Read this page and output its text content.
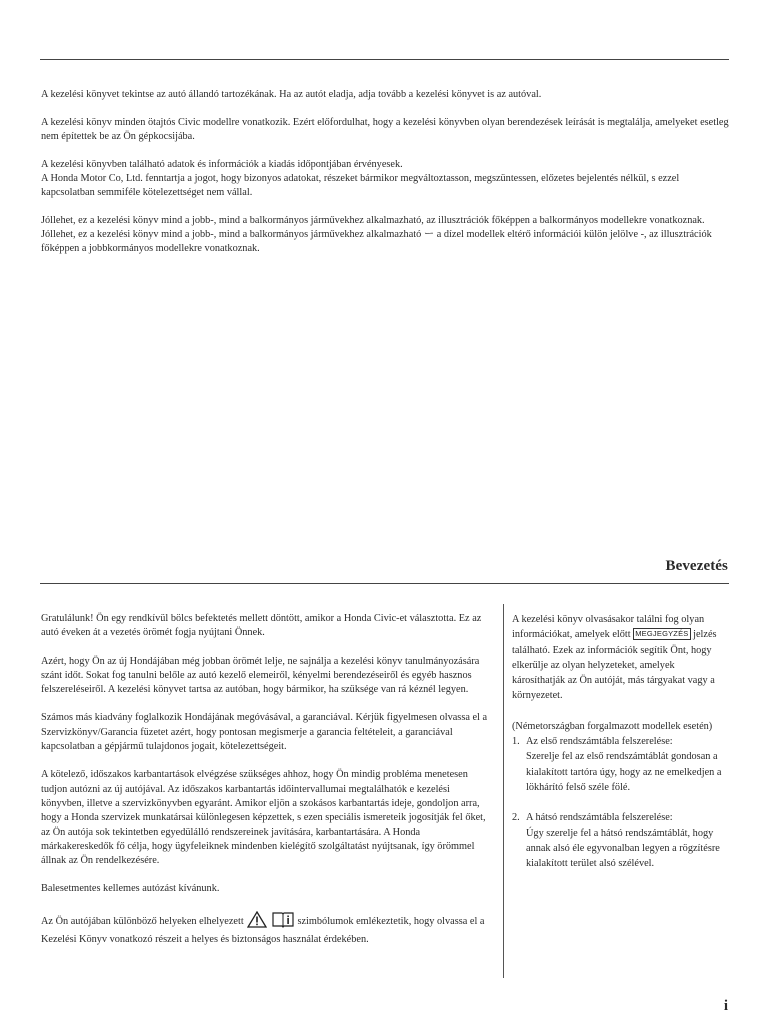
A kezelési könyvet tekintse az autó állandó tartozékának. Ha az autót eladja, adja tovább a kezelési könyvet is az autóval.

A kezelési könyv minden ötajtós Civic modellre vonatkozik. Ezért előfordulhat, hogy a kezelési könyvben olyan berendezések leírását is megtalálja, amelyeket esetleg nem építettek be az Ön gépkocsijába.

A kezelési könyvben található adatok és információk a kiadás időpontjában érvényesek.

A Honda Motor Co, Ltd. fenntartja a jogot, hogy bizonyos adatokat, részeket bármikor megváltoztasson, megszüntessen, előzetes bejelentés nélkül, s ezzel kapcsolatban semmiféle kötelezettséget nem vállal.

Jóllehet, ez a kezelési könyv mind a jobb-, mind a balkormányos járművekhez alkalmazható, az illusztrációk főképpen a balkormányos modellekre vonatkoznak.

Jóllehet, ez a kezelési könyv mind a jobb-, mind a balkormányos járművekhez alkalmazható ー a dízel modellek eltérő információi külön jelölve -, az illusztrációk főképpen a jobbkormányos modellekre vonatkoznak.

Bevezetés

Gratulálunk! Ön egy rendkívül bölcs befektetés mellett döntött, amikor a Honda Civic-et választotta. Ez az autó éveken át a vezetés örömét fogja nyújtani Önnek.

Azért, hogy Ön az új Hondájában még jobban örömét lelje, ne sajnálja a kezelési könyv tanulmányozására szánt időt. Sokat fog tanulni belőle az autó kezelő elemeiről, kényelmi berendezéseiről és egyéb hasznos felszereléseiről. A kezelési könyvet tartsa az autóban, hogy bármikor, ha szüksége van rá kéznél legyen.

Számos más kiadvány foglalkozik Hondájának megóvásával, a garanciával. Kérjük figyelmesen olvassa el a Szervizkönyv/Garancia füzetet azért, hogy pontosan megismerje a garancia feltételeit, a garanciával kapcsolatban a gépjármű tulajdonos jogait, kötelezettségeit.

A kötelező, időszakos karbantartások elvégzése szükséges ahhoz, hogy Ön mindig probléma menetesen tudjon autózni az új autójával. Az időszakos karbantartás időintervallumai megtalálhatók e kezelési könyvben, illetve a szervizkönyvben egyaránt. Amikor eljön a szokásos karbantartás ideje, gondoljon arra, hogy a Honda szervizek munkatársai különlegesen képzettek, s ezen speciális ismereteik jogosítják fel őket, az Ön autója sok tekintetben egyedülálló rendszereinek javítására, karbantartására. A Honda márkakereskedők fő célja, hogy ügyfeleiknek mindenben kielégítő szolgáltatást nyújtsanak, így örömmel állnak az Ön rendelkezésére.

Balesetmentes kellemes autózást kívánunk.

Az Ön autójában különböző helyeken elhelyezett	szimbólumok emlékeztetik, hogy olvassa el a Kezelési Könyv vonatkozó részeit a helyes és biztonságos használat érdekében.

A kezelési könyv olvasásakor találni fog olyan információkat, amelyek előtt MEGJEGYZÉS jelzés található. Ezek az információk segítik Önt, hogy elkerülje az olyan helyzeteket, amelyek károsíthatják az Ön autóját, más tárgyakat vagy a környezetet.

(Németországban forgalmazott modellek esetén)

1. Az első rendszámtábla felszerelése:
Szerelje fel az első rendszámtáblát gondosan a kialakított tartóra úgy, hogy az ne emelkedjen a lökhárító felső széle fölé.
2. A hátsó rendszámtábla felszerelése:
Úgy szerelje fel a hátsó rendszámtáblát, hogy annak alsó éle egyvonalban legyen a rögzítésre kialakított terület alsó szélével.
i
